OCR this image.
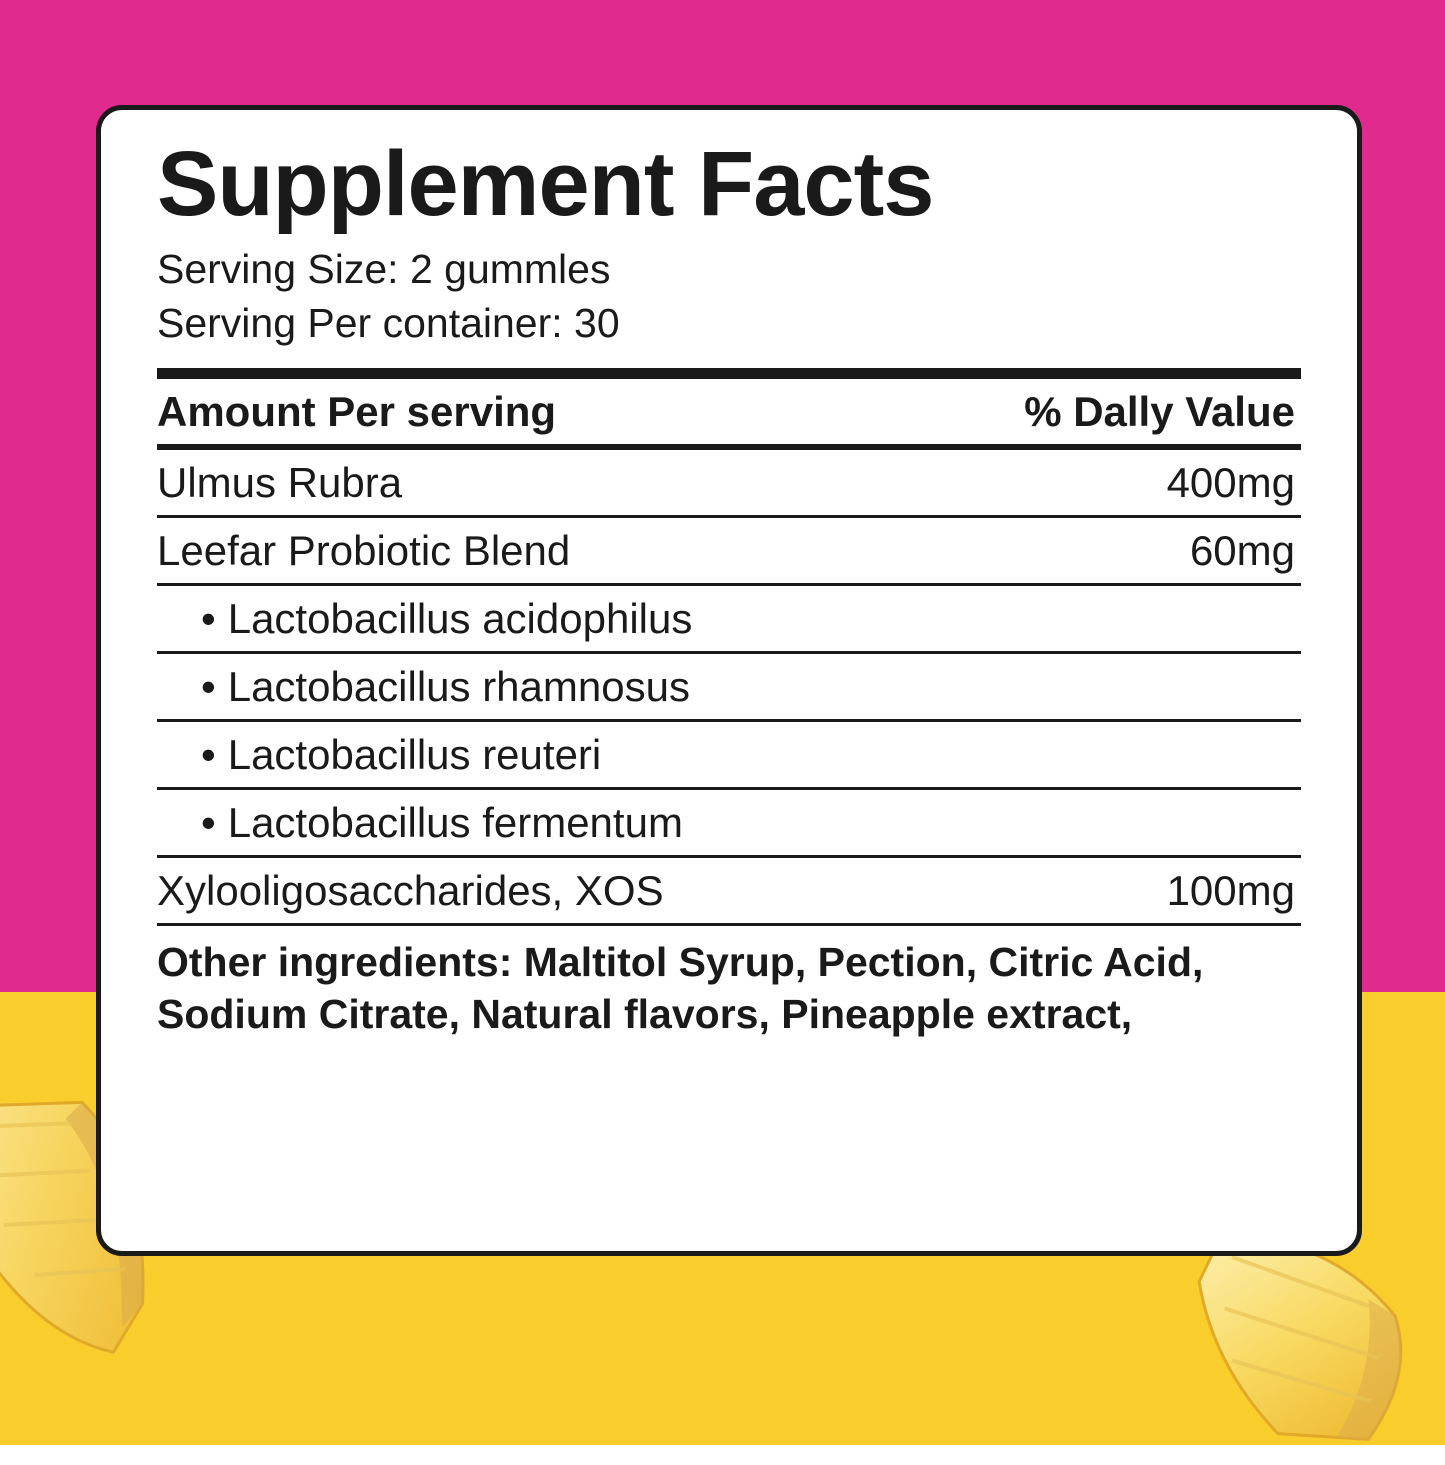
Supplement Facts
Serving Size: 2 gummles
Serving Per container: 30
Amount Per serving	% Dally Value
Ulmus Rubra	400mg
Leefar Probiotic Blend	60mg
• Lactobacillus acidophilus
• Lactobacillus rhamnosus
• Lactobacillus reuteri
• Lactobacillus fermentum
Xylooligosaccharides, XOS	100mg
Other ingredients: Maltitol Syrup, Pection, Citric Acid, Sodium Citrate, Natural flavors, Pineapple extract,
